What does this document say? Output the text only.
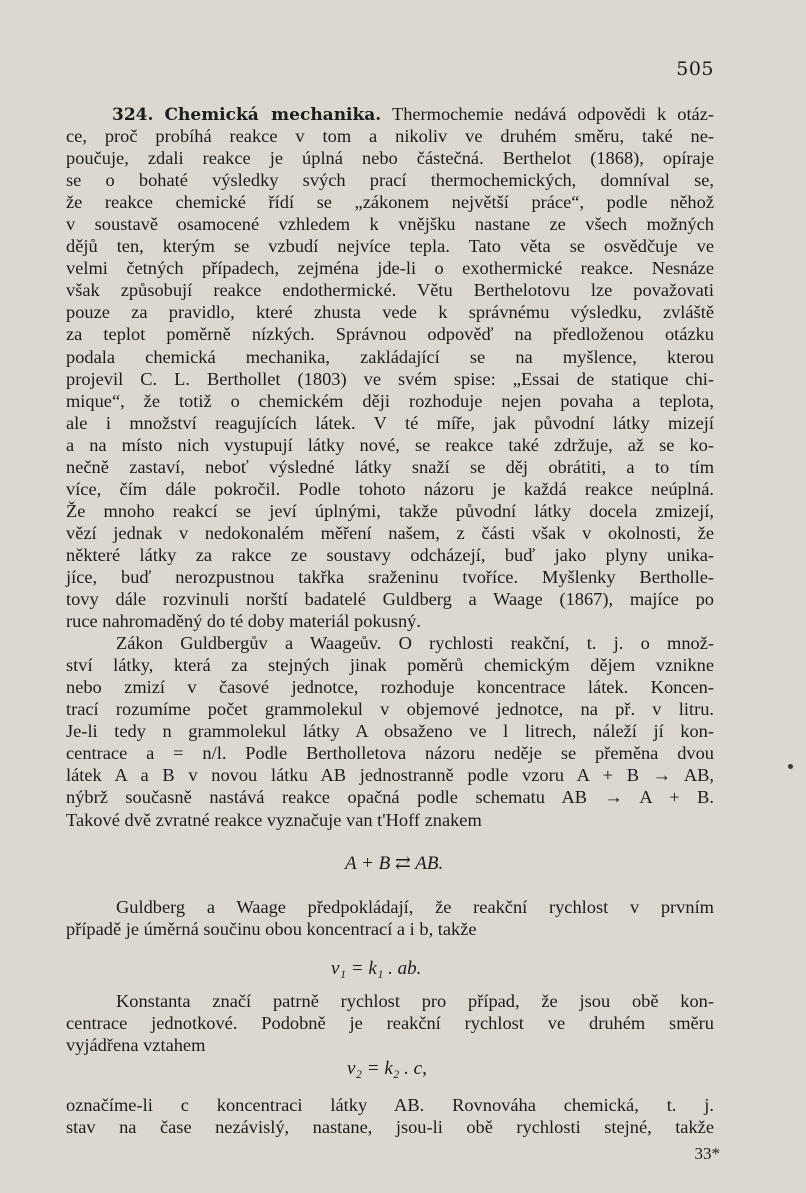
505
324. Chemická mechanika. Thermochemie nedává odpovědi k otáz-
ce, proč probíhá reakce v tom a nikoliv ve druhém směru, také ne-
poučuje, zdali reakce je úplná nebo částečná. Berthelot (1868), opíraje
se o bohaté výsledky svých prací thermochemických, domníval se,
že reakce chemické řídí se „zákonem největší práce“, podle něhož
v soustavě osamocené vzhledem k vnějšku nastane ze všech možných
dějů ten, kterým se vzbudí nejvíce tepla. Tato věta se osvědčuje ve
velmi četných případech, zejména jde-li o exothermické reakce. Nesnáze
však způsobují reakce endothermické. Větu Berthelotovu lze považovati
pouze za pravidlo, které zhusta vede k správnému výsledku, zvláště
za teplot poměrně nízkých. Správnou odpověď na předloženou otázku
podala chemická mechanika, zakládající se na myšlence, kterou
projevil C. L. Berthollet (1803) ve svém spise: „Essai de statique chi-
mique“, že totiž o chemickém ději rozhoduje nejen povaha a teplota,
ale i množství reagujících látek. V té míře, jak původní látky mizejí
a na místo nich vystupují látky nové, se reakce také zdržuje, až se ko-
nečně zastaví, neboť výsledné látky snaží se děj obrátiti, a to tím
více, čím dále pokročil. Podle tohoto názoru je každá reakce neúplná.
Že mnoho reakcí se jeví úplnými, takže původní látky docela zmizejí,
vězí jednak v nedokonalém měření našem, z části však v okolnosti, že
některé látky za rakce ze soustavy odcházejí, buď jako plyny unika-
jíce, buď nerozpustnou takřka sraženinu tvoříce. Myšlenky Bertholle-
tovy dále rozvinuli norští badatelé Guldberg a Waage (1867), majíce po
ruce nahromaděný do té doby materiál pokusný.
Zákon Guldbergův a Waageův. O rychlosti reakční, t. j. o množ-
ství látky, která za stejných jinak poměrů chemickým dějem vznikne
nebo zmizí v časové jednotce, rozhoduje koncentrace látek. Koncen-
trací rozumíme počet grammolekul v objemové jednotce, na př. v litru.
Je-li tedy n grammolekul látky A obsaženo ve l litrech, náleží jí kon-
centrace a = n/l. Podle Bertholletova názoru neděje se přeměna dvou
látek A a B v novou látku AB jednostranně podle vzoru A + B → AB,
nýbrž současně nastává reakce opačná podle schematu AB → A + B.
Takové dvě zvratné reakce vyznačuje van t'Hoff znakem
A + B ⇄ AB.
Guldberg a Waage předpokládají, že reakční rychlost v prvním
případě je úměrná součinu obou koncentrací a i b, takže
v₁ = k₁ . ab.
Konstanta značí patrně rychlost pro případ, že jsou obě kon-
centrace jednotkové. Podobně je reakční rychlost ve druhém směru
vyjádřena vztahem
v₂ = k₂ . c,
označíme-li c koncentraci látky AB. Rovnováha chemická, t. j.
stav na čase nezávislý, nastane, jsou-li obě rychlosti stejné, takže
33*
